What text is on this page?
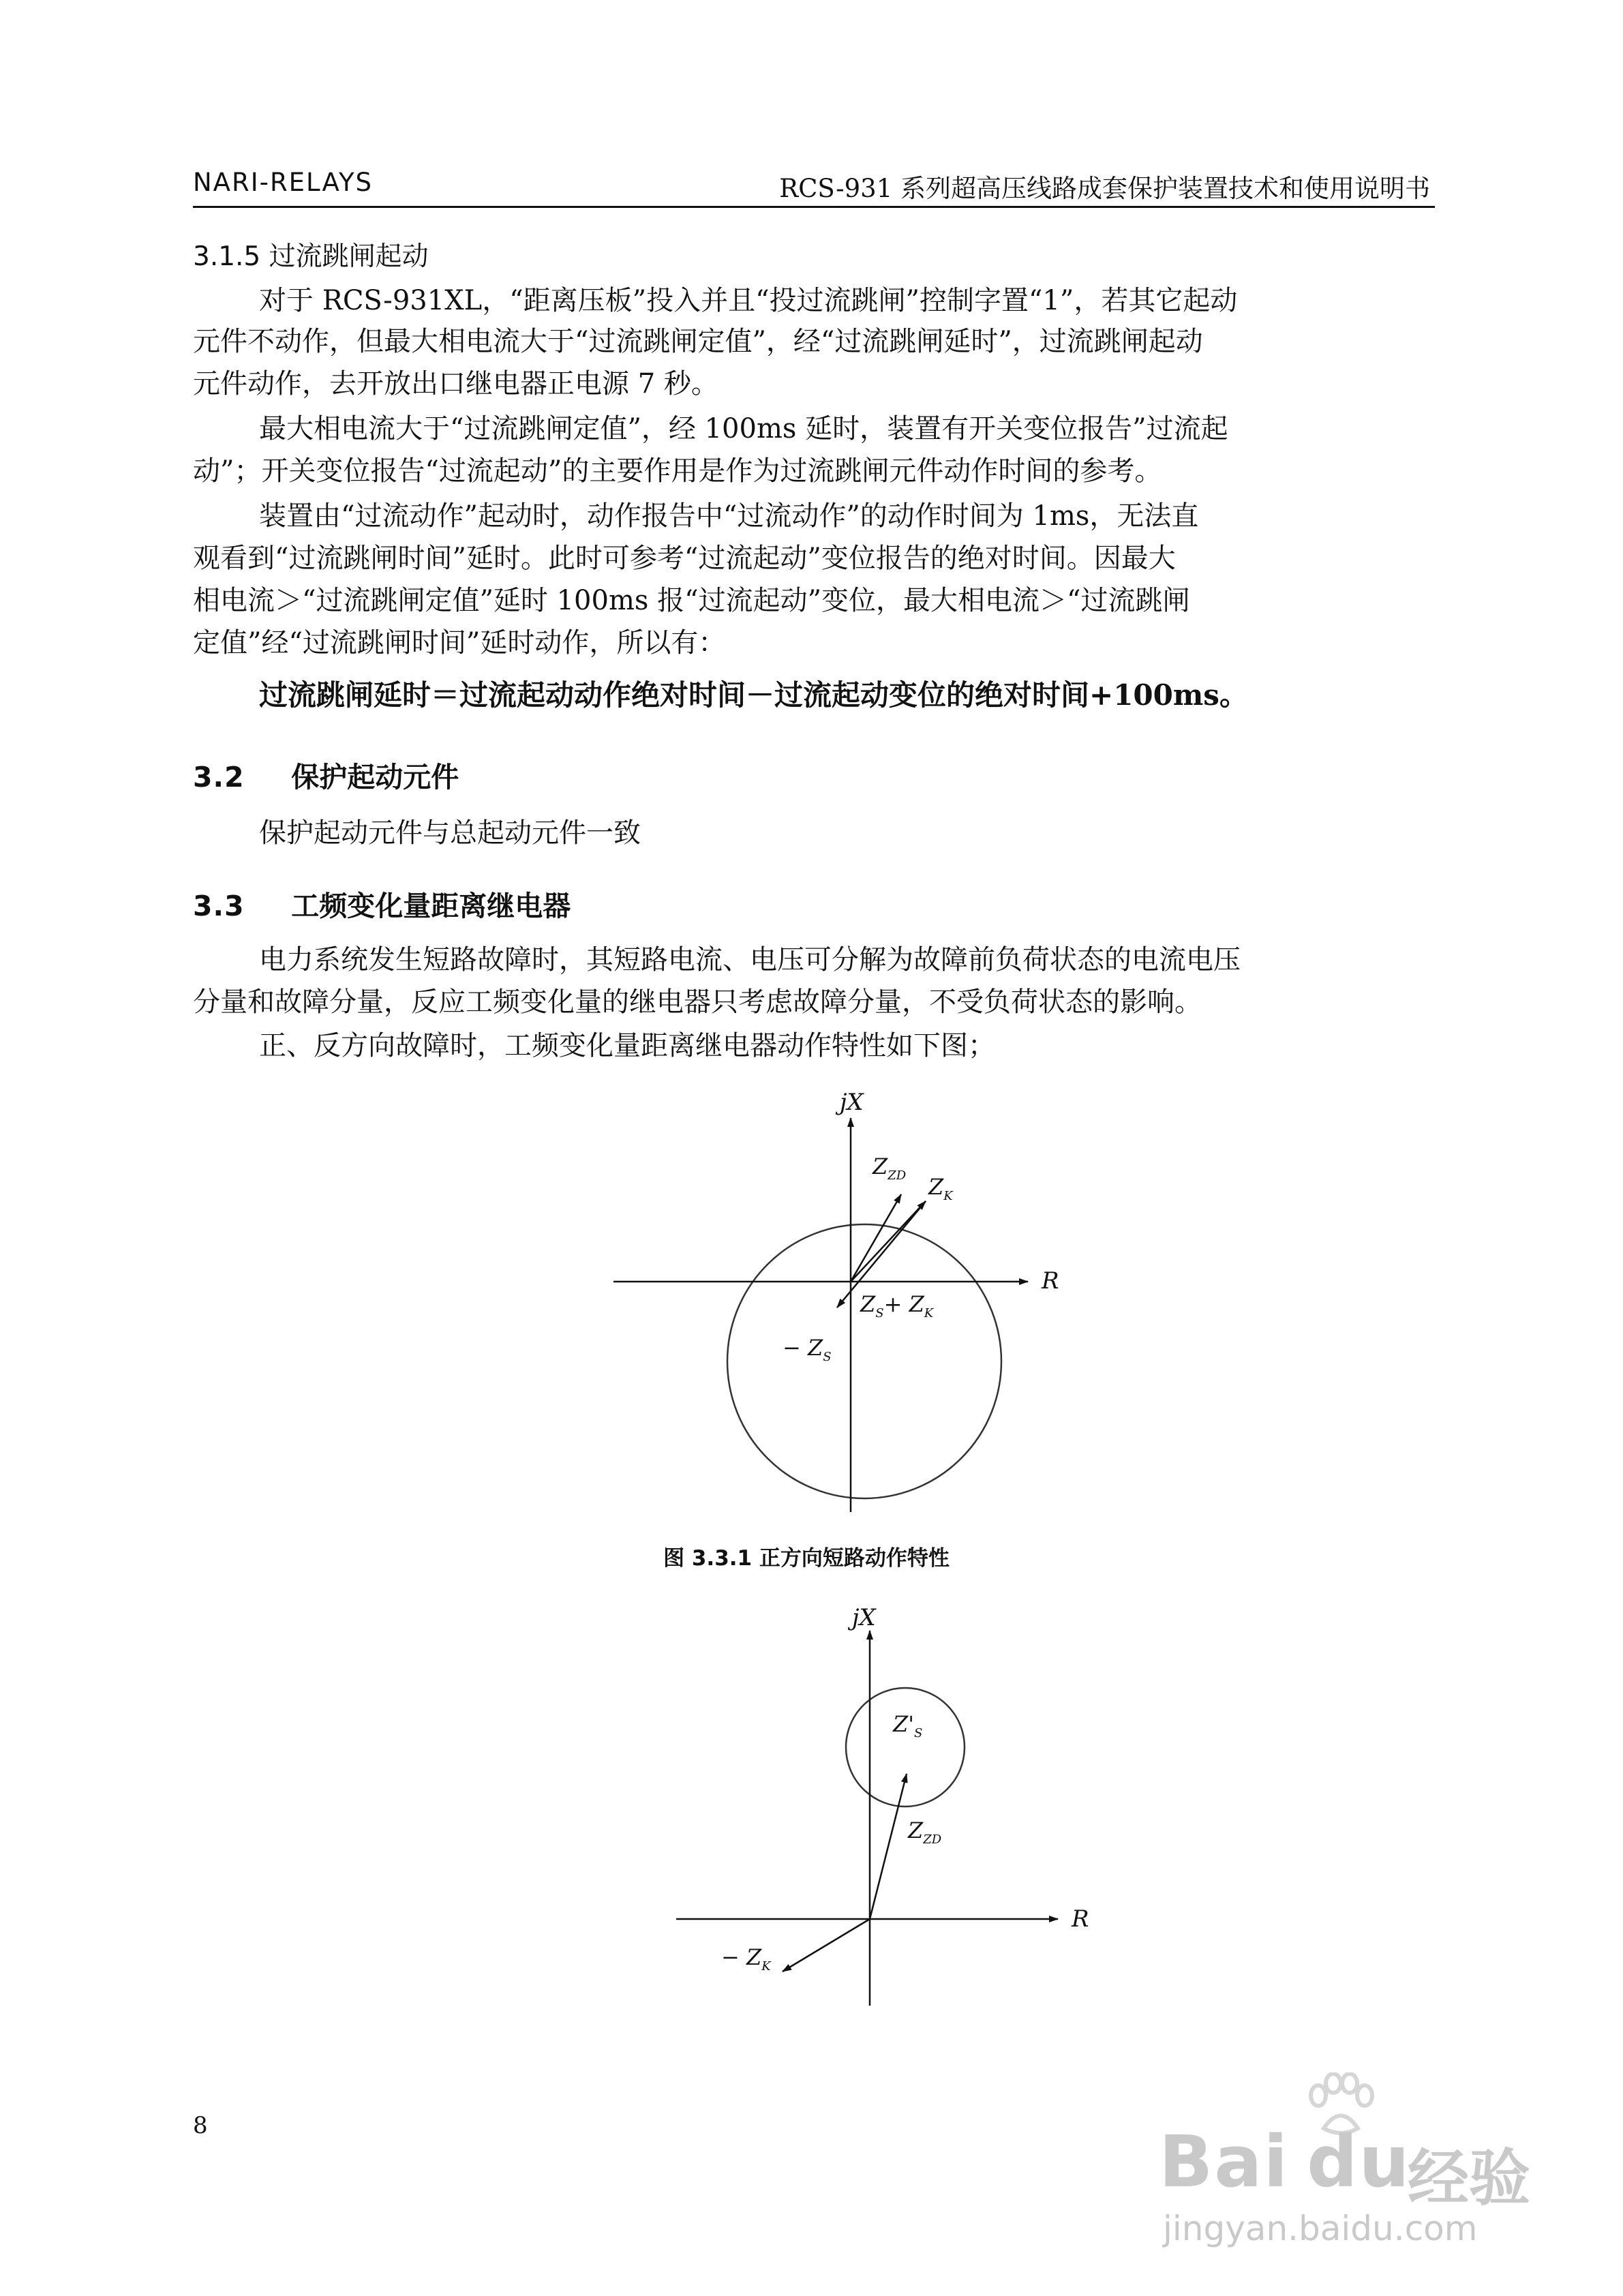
NARI-RELAYS	RCS-931 系列超高压线路成套保护装置技术和使用说明书
3.1.5 过流跳闸起动
对于 RCS-931XL，“距离压板”投入并且“投过流跳闸”控制字置“1”，若其它起动
元件不动作，但最大相电流大于“过流跳闸定值”，经“过流跳闸延时”，过流跳闸起动
元件动作，去开放出口继电器正电源 7 秒。
最大相电流大于“过流跳闸定值”，经 100ms 延时，装置有开关变位报告”过流起
动”；开关变位报告“过流起动”的主要作用是作为过流跳闸元件动作时间的参考。
装置由“过流动作”起动时，动作报告中“过流动作”的动作时间为 1ms，无法直
观看到“过流跳闸时间”延时。此时可参考“过流起动”变位报告的绝对时间。因最大
相电流＞“过流跳闸定值”延时 100ms 报“过流起动”变位，最大相电流＞“过流跳闸
定值”经“过流跳闸时间”延时动作，所以有：
过流跳闸延时＝过流起动动作绝对时间－过流起动变位的绝对时间+100ms。
3.2 保护起动元件
保护起动元件与总起动元件一致
3.3 工频变化量距离继电器
电力系统发生短路故障时，其短路电流、电压可分解为故障前负荷状态的电流电压
分量和故障分量，反应工频变化量的继电器只考虑故障分量，不受负荷状态的影响。
正、反方向故障时，工频变化量距离继电器动作特性如下图；
jX
R
$Z_{ZD}$ $Z_K$
$Z_S+ Z_K$
− $Z_S$
图 3.3.1 正方向短路动作特性
jX
R
$Z'_S$
$Z_{ZD}$
− $Z_K$
8	Bai du
经验
jingyan.baidu.com
